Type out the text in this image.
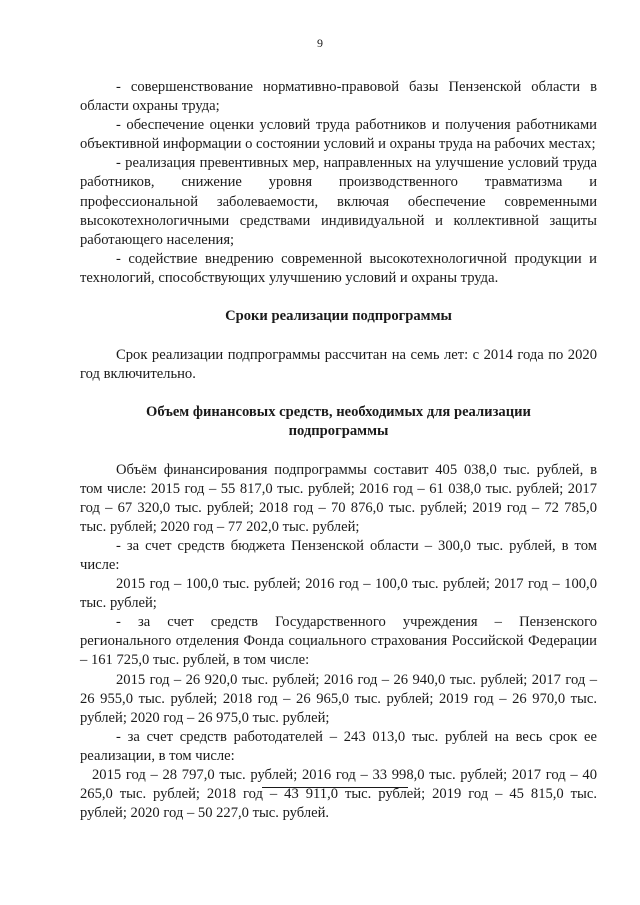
9

- совершенствование нормативно-правовой базы Пензенской области в области охраны труда;

- обеспечение оценки условий труда работников и получения работниками объективной информации о состоянии условий и охраны труда на рабочих местах;

- реализация превентивных мер, направленных на улучшение условий труда работников, снижение уровня производственного травматизма и профессиональной заболеваемости, включая обеспечение современными высокотехнологичными средствами индивидуальной и коллективной защиты работающего населения;

- содействие внедрению современной высокотехнологичной продукции и технологий, способствующих улучшению условий и охраны труда.

Сроки реализации подпрограммы

Срок реализации подпрограммы рассчитан на семь лет: с 2014 года по 2020 год включительно.

Объем финансовых средств, необходимых для реализации подпрограммы

Объём финансирования подпрограммы составит 405 038,0 тыс. рублей, в том числе: 2015 год – 55 817,0 тыс. рублей; 2016 год – 61 038,0 тыс. рублей; 2017 год – 67 320,0 тыс. рублей; 2018 год – 70 876,0 тыс. рублей; 2019 год – 72 785,0 тыс. рублей; 2020 год – 77 202,0 тыс. рублей;

- за счет средств бюджета Пензенской области – 300,0 тыс. рублей, в том числе:

2015 год – 100,0 тыс. рублей; 2016 год – 100,0 тыс. рублей; 2017 год – 100,0 тыс. рублей;

- за счет средств Государственного учреждения – Пензенского регионального отделения Фонда социального страхования Российской Федерации – 161 725,0 тыс. рублей, в том числе:

2015 год – 26 920,0 тыс. рублей; 2016 год – 26 940,0 тыс. рублей; 2017 год – 26 955,0 тыс. рублей; 2018 год – 26 965,0 тыс. рублей; 2019 год – 26 970,0 тыс. рублей; 2020 год – 26 975,0 тыс. рублей;

- за счет средств работодателей – 243 013,0 тыс. рублей на весь срок ее реализации, в том числе:

2015 год – 28 797,0 тыс. рублей; 2016 год – 33 998,0 тыс. рублей; 2017 год – 40 265,0 тыс. рублей; 2018 год – 43 911,0 тыс. рублей; 2019 год – 45 815,0 тыс. рублей; 2020 год – 50 227,0 тыс. рублей.
